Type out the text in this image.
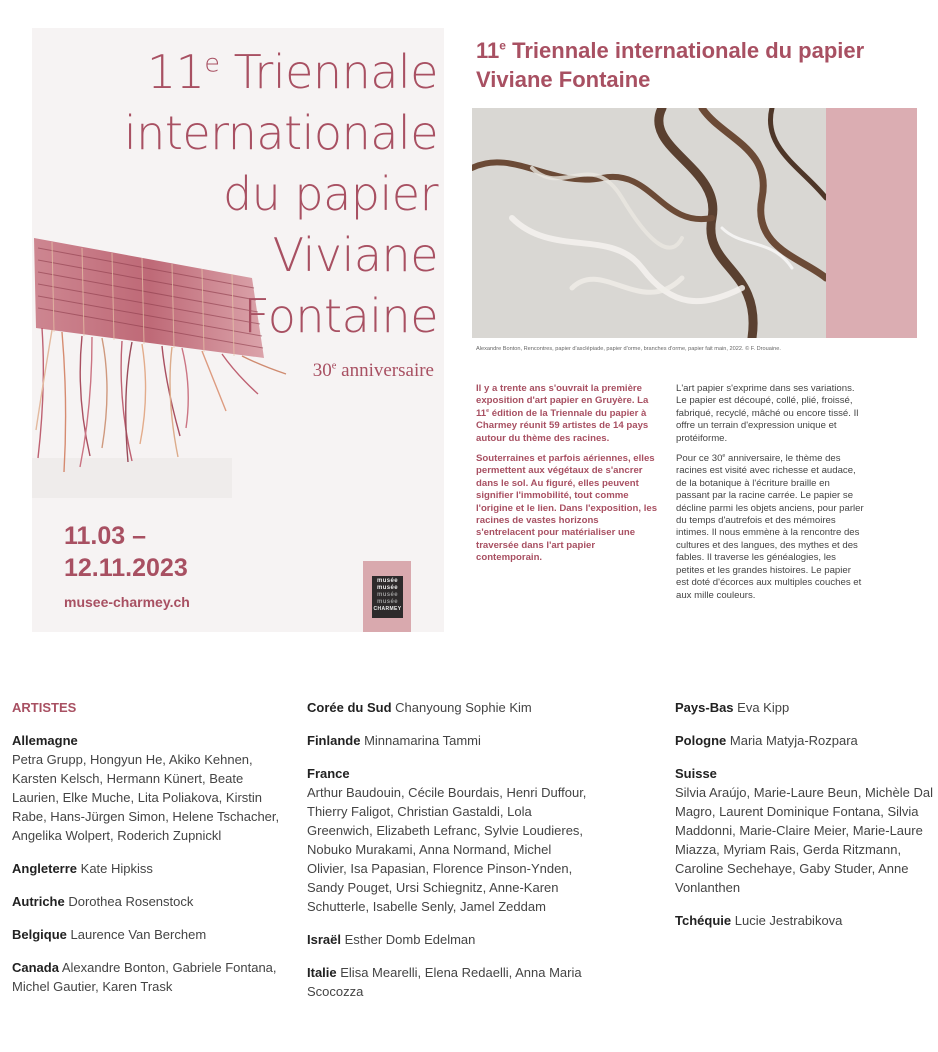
11e Triennale
internationale
du papier
Viviane
Fontaine
30e anniversaire
11.03 –
12.11.2023
musee-charmey.ch
musée
musée
musée
musée
CHARMEY
11e Triennale internationale du papier Viviane Fontaine
Alexandre Bonton, Rencontres, papier d'asclépiade, papier d'orme, branches d'orme, papier fait main, 2022. © F. Drouaine.

Il y a trente ans s'ouvrait la première exposition d'art papier en Gruyère. La 11e édition de la Triennale du papier à Charmey réunit 59 artistes de 14 pays autour du thème des racines.

Souterraines et parfois aériennes, elles permettent aux végétaux de s'ancrer dans le sol. Au figuré, elles peuvent signifier l'immobilité, tout comme l'origine et le lien. Dans l'exposition, les racines de vastes horizons s'entrelacent pour matérialiser une traversée dans l'art papier contemporain.

L'art papier s'exprime dans ses variations. Le papier est découpé, collé, plié, froissé, fabriqué, recyclé, mâché ou encore tissé. Il offre un terrain d'expression unique et protéiforme.

Pour ce 30e anniversaire, le thème des racines est visité avec richesse et audace, de la botanique à l'écriture braille en passant par la racine carrée. Le papier se décline parmi les objets anciens, pour parler du temps d'autrefois et des mémoires intimes. Il nous emmène à la rencontre des cultures et des langues, des mythes et des fables. Il traverse les généalogies, les petites et les grandes histoires. Le papier est doté d'écorces aux multiples couches et aux mille couleurs.

ARTISTES
Allemagne
Petra Grupp, Hongyun He, Akiko Kehnen, Karsten Kelsch, Hermann Künert, Beate Laurien, Elke Muche, Lita Poliakova, Kirstin Rabe, Hans-Jürgen Simon, Helene Tschacher, Angelika Wolpert, Roderich Zupnickl
Angleterre Kate Hipkiss
Autriche Dorothea Rosenstock
Belgique Laurence Van Berchem
Canada Alexandre Bonton, Gabriele Fontana, Michel Gautier, Karen Trask
Corée du Sud Chanyoung Sophie Kim
Finlande Minnamarina Tammi
France
Arthur Baudouin, Cécile Bourdais, Henri Duffour, Thierry Faligot, Christian Gastaldi, Lola Greenwich, Elizabeth Lefranc, Sylvie Loudieres, Nobuko Murakami, Anna Normand, Michel Olivier, Isa Papasian, Florence Pinson-Ynden, Sandy Pouget, Ursi Schiegnitz, Anne-Karen Schutterle, Isabelle Senly, Jamel Zeddam
Israël Esther Domb Edelman
Italie Elisa Mearelli, Elena Redaelli, Anna Maria Scocozza
Pays-Bas Eva Kipp
Pologne Maria Matyja-Rozpara
Suisse
Silvia Araújo, Marie-Laure Beun, Michèle Dal Magro, Laurent Dominique Fontana, Silvia Maddonni, Marie-Claire Meier, Marie-Laure Miazza, Myriam Rais, Gerda Ritzmann, Caroline Sechehaye, Gaby Studer, Anne Vonlanthen
Tchéquie Lucie Jestrabikova
